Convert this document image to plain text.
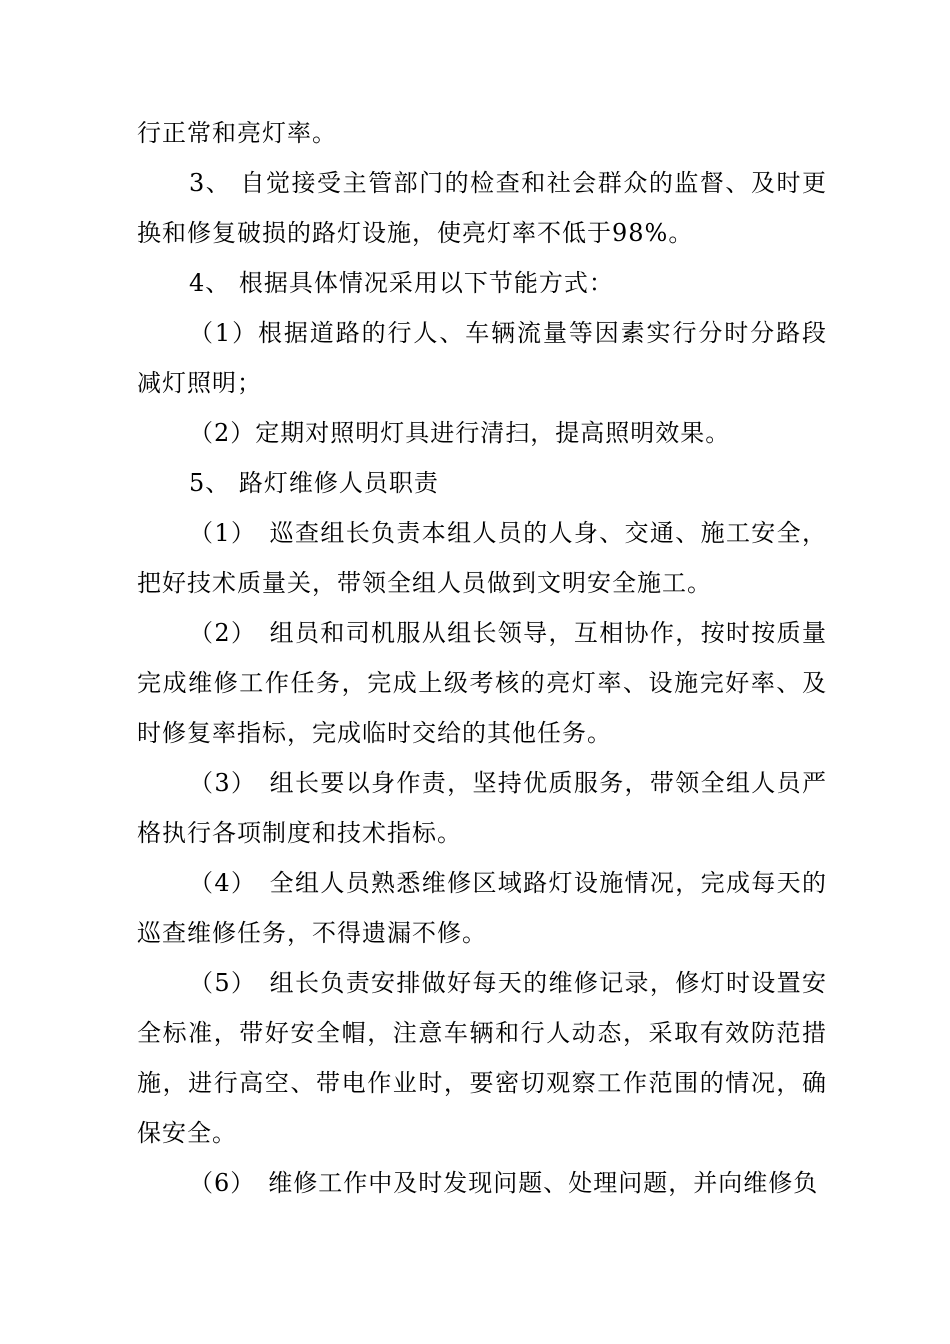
行正常和亮灯率。

3、 自觉接受主管部门的检查和社会群众的监督、及时更换和修复破损的路灯设施，使亮灯率不低于98%。

4、 根据具体情况采用以下节能方式：

（1）根据道路的行人、车辆流量等因素实行分时分路段减灯照明；

（2）定期对照明灯具进行清扫，提高照明效果。

5、 路灯维修人员职责

（1）　巡查组长负责本组人员的人身、交通、施工安全，把好技术质量关，带领全组人员做到文明安全施工。

（2）　组员和司机服从组长领导，互相协作，按时按质量完成维修工作任务，完成上级考核的亮灯率、设施完好率、及时修复率指标，完成临时交给的其他任务。

（3）　组长要以身作责，坚持优质服务，带领全组人员严格执行各项制度和技术指标。

（4）　全组人员熟悉维修区域路灯设施情况，完成每天的巡查维修任务，不得遗漏不修。

（5）　组长负责安排做好每天的维修记录，修灯时设置安全标准，带好安全帽，注意车辆和行人动态，采取有效防范措施，进行高空、带电作业时，要密切观察工作范围的情况，确保安全。

（6）　维修工作中及时发现问题、处理问题，并向维修负
